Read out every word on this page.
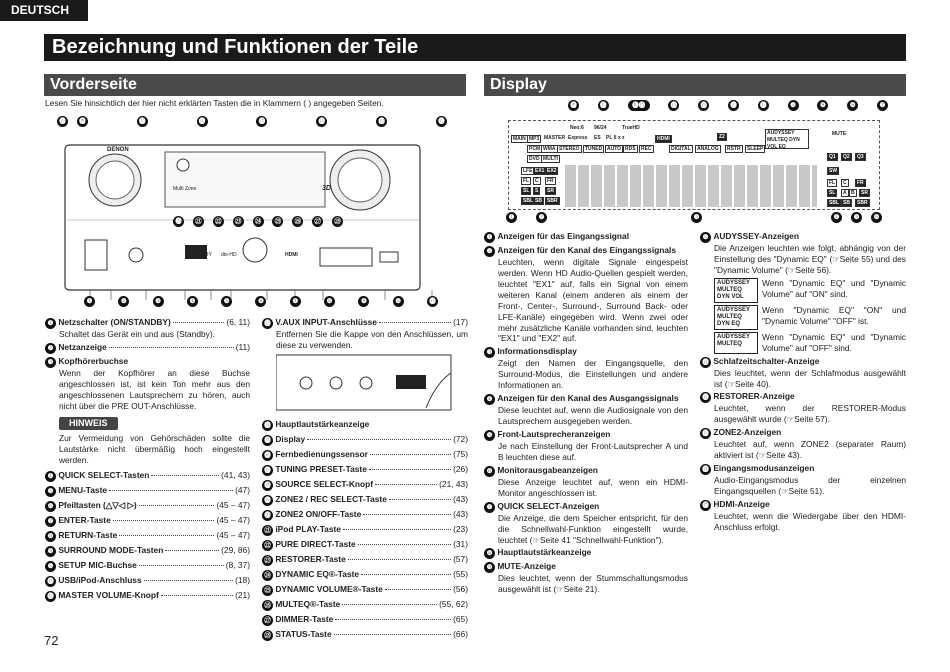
DEUTSCH
Bezeichnung und Funktionen der Teile
Vorderseite	Display
Lesen Sie hinsichtlich der hier nicht erklärten Tasten die in Klammern ( ) angegeben Seiten.
⓳	⓲	⓱	⓰	⓯	⓮	⓭	⓬
DENON
Multi Zone	3D
DOLBY dts-HD	HDMI
⓴	㉑	㉒	㉓	㉔	㉕	㉖	㉗	㉘
❶	❷	❸	❹	❺	❻	❼	❽	❾	❿	⓫
⓲	⓱	⓰⓯	⓮	⓭	⓬	⓫	❿	❾	❽	❼
MAIN MP3
PCM WMA
DVD MULTI
STEREO	TUNED AUTO RDS	REC
HDMI
DIGITAL	ANALOG	RSTR	SLEEP
Z2
AUDYSSEY MULTEQ DYN VOL EQ
MUTE
Neo:6 96/24	TrueHD
MASTER Express ES PL II x z
LFE EX1 EX2
FL	C	FR
SL	S	SR
SBL SB	SBR
Q1	Q2	Q3
FL	C	FR
SW
SL	A B	SR
SBL SB	SBR
❶	❷	❸	❹	❺	❻
❶
Netzschalter (ON/STANDBY)	(6, 11)
Schaltet das Gerät ein und aus (Standby).
❷
Netzanzeige	(11)
❸
Kopfhörerbuchse
Wenn der Kopfhörer an diese Buchse angeschlossen ist, ist kein Ton mehr aus den angeschlossenen Lautsprechern zu hören, auch nicht über die PRE OUT-Anschlüsse.
HINWEIS
Zur Vermeidung von Gehörschäden sollte die Lautstärke nicht übermäßig hoch eingestellt werden.
❹
QUICK SELECT-Tasten	(41, 43)
❺
MENU-Taste	(47)
❻
Pfeiltasten (△▽◁ ▷)	(45 – 47)
❼
ENTER-Taste	(45 – 47)
❽
RETURN-Taste	(45 – 47)
❾
SURROUND MODE-Tasten	(29, 86)
❿
SETUP MIC-Buchse	(8, 37)
⓫
USB/iPod-Anschluss	(18)
⓬
MASTER VOLUME-Knopf	(21)
⓭
V.AUX INPUT-Anschlüsse	(17)
Entfernen Sie die Kappe von den Anschlüssen, um diese zu verwenden.
⓮
Hauptlautstärkeanzeige
⓯
Display	(72)
⓰
Fernbedienungssensor	(75)
⓱
TUNING PRESET-Taste	(26)
⓲
SOURCE SELECT-Knopf	(21, 43)
⓳
ZONE2 / REC SELECT-Taste	(43)
⓴
ZONE2 ON/OFF-Taste	(43)
㉑
iPod PLAY-Taste	(23)
㉒
PURE DIRECT-Taste	(31)
㉓
RESTORER-Taste	(57)
㉔
DYNAMIC EQ®-Taste	(55)
㉕
DYNAMIC VOLUME®-Taste	(56)
㉖
MULTEQ®-Taste	(55, 62)
㉗
DIMMER-Taste	(65)
㉘
STATUS-Taste	(66)
❶
Anzeigen für das Eingangssignal
❷
Anzeigen für den Kanal des Eingangssignals
Leuchten, wenn digitale Signale eingespeist werden. Wenn HD Audio-Quellen gespielt werden, leuchtet "EX1" auf, falls ein Signal von einem weiteren Kanal (einem anderen als einem der Front-, Center-, Surround-, Surround Back- oder LFE-Kanäle) eingegeben wird. Wenn zwei oder mehr zusätzliche Kanäle vorhanden sind, leuchten "EX1" und "EX2" auf.
❸
Informationsdisplay
Zeigt den Namen der Eingangsquelle, den Surround-Modus, die Einstellungen und andere Informationen an.
❹
Anzeigen für den Kanal des Ausgangssignals
Diese leuchtet auf, wenn die Audiosignale von den Lautsprechern ausgegeben werden.
❺
Front-Lautsprecheranzeigen
Je nach Einstellung der Front-Lautsprecher A und B leuchten diese auf.
❻
Monitorausgabeanzeigen
Diese Anzeige leuchtet auf, wenn ein HDMI-Monitor angeschlossen ist.
❼
QUICK SELECT-Anzeigen
Die Anzeige, die dem Speicher entspricht, für den die Schnellwahl-Funktion eingestellt wurde, leuchtet (☞Seite 41 "Schnellwahl-Funktion").
❽
Hauptlautstärkeanzeige
❾
MUTE-Anzeige
Dies leuchtet, wenn der Stummschaltungsmodus ausgewählt ist (☞Seite 21).
❿
AUDYSSEY-Anzeigen
Die Anzeigen leuchten wie folgt, abhängig von der Einstellung des "Dynamic EQ" (☞Seite 55) und des "Dynamic Volume" (☞Seite 56).
AUDYSSEY MULTEQ DYN VOL
Wenn "Dynamic EQ" und "Dynamic Volume" auf "ON" sind.
AUDYSSEY MULTEQ DYN EQ
Wenn "Dynamic EQ" "ON" und "Dynamic Volume" "OFF" ist.
AUDYSSEY MULTEQ
Wenn "Dynamic EQ" und "Dynamic Volume" auf "OFF" sind.
⓫
Schlafzeitschalter-Anzeige
Dies leuchtet, wenn der Schlafmodus ausgewählt ist (☞Seite 40).
⓬
RESTORER-Anzeige
Leuchtet, wenn der RESTORER-Modus ausgewählt wurde (☞Seite 57).
⓭
ZONE2-Anzeigen
Leuchtet auf, wenn ZONE2 (separater Raum) aktiviert ist (☞Seite 43).
⓮
Eingangsmodusanzeigen
Audio-Eingangsmodus der einzelnen Eingangsquellen (☞Seite 51).
⓯
HDMI-Anzeige
Leuchtet, wenn die Wiedergabe über den HDMI-Anschluss erfolgt.
72
